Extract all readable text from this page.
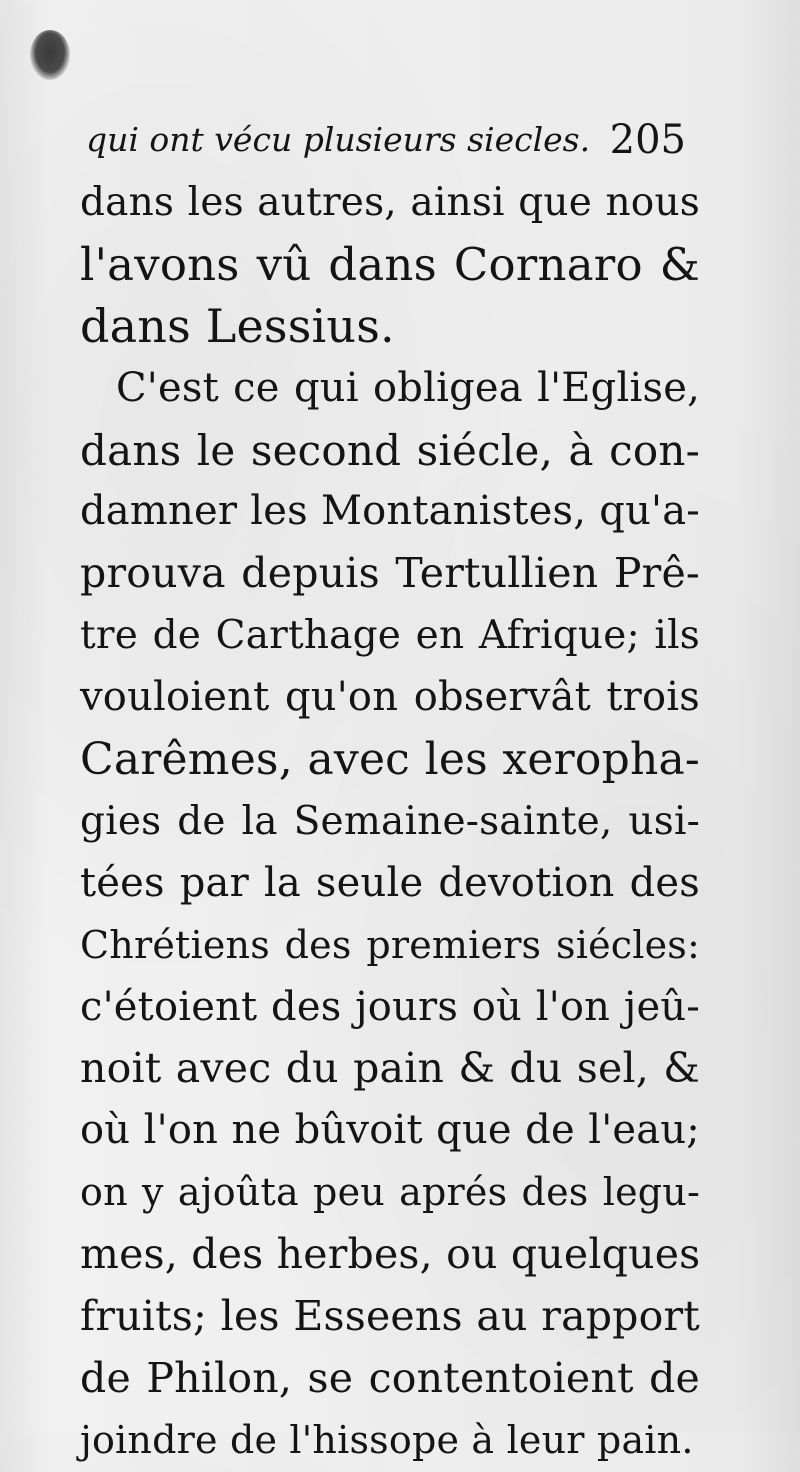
qui ont vécu plusieurs siecles. 205
dans les autres, ainsi que nous
l'avons vû dans Cornaro &
dans Lessius.
C'est ce qui obligea l'Eglise,
dans le second siécle, à con-
damner les Montanistes, qu'a-
prouva depuis Tertullien Prê-
tre de Carthage en Afrique; ils
vouloient qu'on observât trois
Carêmes, avec les xeropha-
gies de la Semaine-sainte, usi-
tées par la seule devotion des
Chrétiens des premiers siécles:
c'étoient des jours où l'on jeû-
noit avec du pain & du sel, &
où l'on ne bûvoit que de l'eau;
on y ajoûta peu aprés des legu-
mes, des herbes, ou quelques
fruits; les Esseens au rapport
de Philon, se contentoient de
joindre de l'hissope à leur pain.
